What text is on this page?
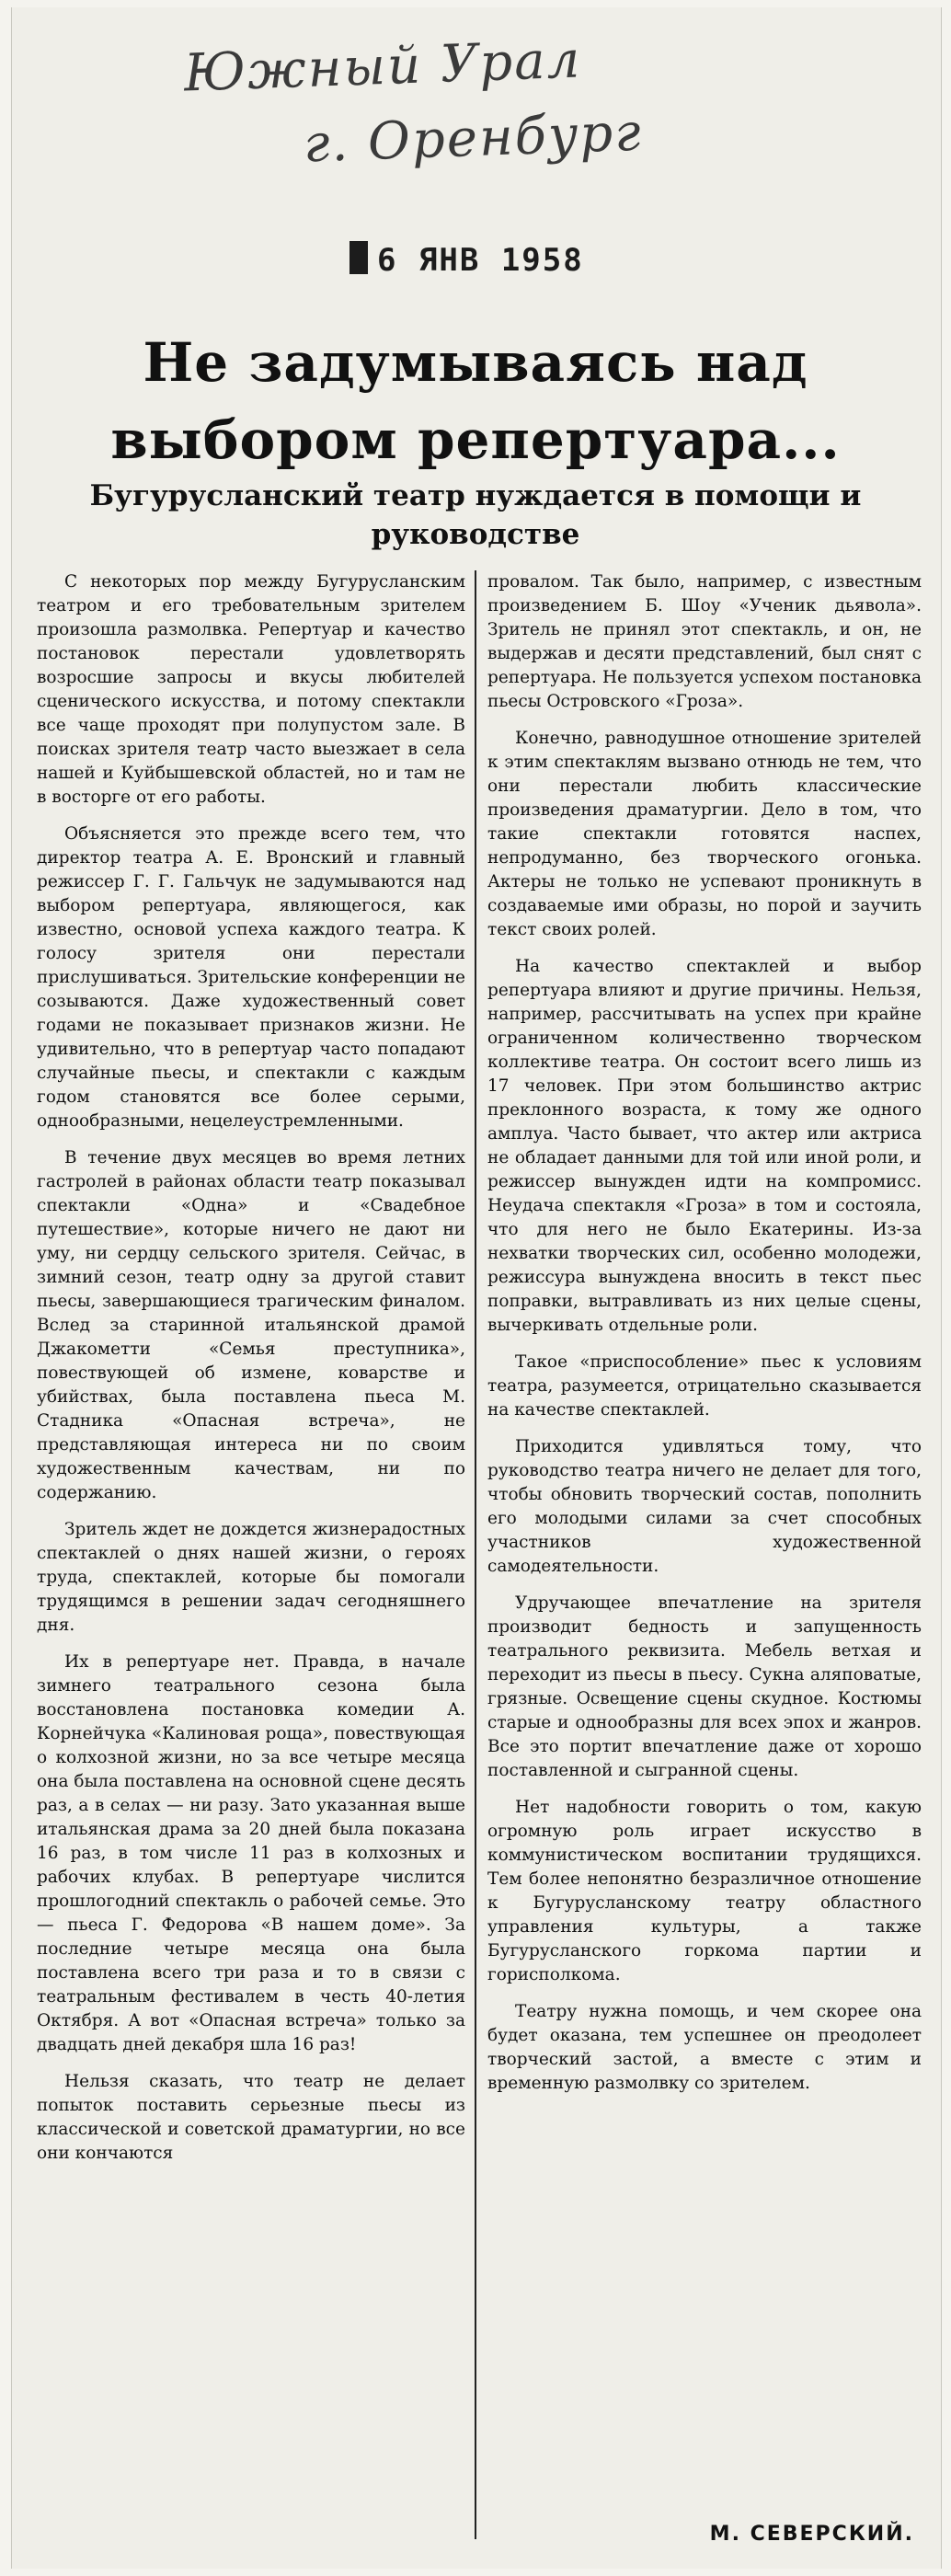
Южный Урал
г. Оренбург
6 ЯНВ 1958
Не задумываясь над выбором репертуара...
Бугурусланский театр нуждается в помощи и руководстве

С некоторых пор между Бугурусланским театром и его требовательным зрителем произошла размолвка. Репертуар и качество постановок перестали удовлетворять возросшие запросы и вкусы любителей сценического искусства, и потому спектакли все чаще проходят при полупустом зале. В поисках зрителя театр часто выезжает в села нашей и Куйбышевской областей, но и там не в восторге от его работы.

Объясняется это прежде всего тем, что директор театра А. Е. Вронский и главный режиссер Г. Г. Гальчук не задумываются над выбором репертуара, являющегося, как известно, основой успеха каждого театра. К голосу зрителя они перестали прислушиваться. Зрительские конференции не созываются. Даже художественный совет годами не показывает признаков жизни. Не удивительно, что в репертуар часто попадают случайные пьесы, и спектакли с каждым годом становятся все более серыми, однообразными, нецелеустремленными.

В течение двух месяцев во время летних гастролей в районах области театр показывал спектакли «Одна» и «Свадебное путешествие», которые ничего не дают ни уму, ни сердцу сельского зрителя. Сейчас, в зимний сезон, театр одну за другой ставит пьесы, завершающиеся трагическим финалом. Вслед за старинной итальянской драмой Джакометти «Семья преступника», повествующей об измене, коварстве и убийствах, была поставлена пьеса М. Стадника «Опасная встреча», не представляющая интереса ни по своим художественным качествам, ни по содержанию.

Зритель ждет не дождется жизнерадостных спектаклей о днях нашей жизни, о героях труда, спектаклей, которые бы помогали трудящимся в решении задач сегодняшнего дня.

Их в репертуаре нет. Правда, в начале зимнего театрального сезона была восстановлена постановка комедии А. Корнейчука «Калиновая роща», повествующая о колхозной жизни, но за все четыре месяца она была поставлена на основной сцене десять раз, а в селах — ни разу. Зато указанная выше итальянская драма за 20 дней была показана 16 раз, в том числе 11 раз в колхозных и рабочих клубах. В репертуаре числится прошлогодний спектакль о рабочей семье. Это — пьеса Г. Федорова «В нашем доме». За последние четыре месяца она была поставлена всего три раза и то в связи с театральным фестивалем в честь 40-летия Октября. А вот «Опасная встреча» только за двадцать дней декабря шла 16 раз!

Нельзя сказать, что театр не делает попыток поставить серьезные пьесы из классической и советской драматургии, но все они кончаются

провалом. Так было, например, с известным произведением Б. Шоу «Ученик дьявола». Зритель не принял этот спектакль, и он, не выдержав и десяти представлений, был снят с репертуара. Не пользуется успехом постановка пьесы Островского «Гроза».

Конечно, равнодушное отношение зрителей к этим спектаклям вызвано отнюдь не тем, что они перестали любить классические произведения драматургии. Дело в том, что такие спектакли готовятся наспех, непродуманно, без творческого огонька. Актеры не только не успевают проникнуть в создаваемые ими образы, но порой и заучить текст своих ролей.

На качество спектаклей и выбор репертуара влияют и другие причины. Нельзя, например, рассчитывать на успех при крайне ограниченном количественно творческом коллективе театра. Он состоит всего лишь из 17 человек. При этом большинство актрис преклонного возраста, к тому же одного амплуа. Часто бывает, что актер или актриса не обладает данными для той или иной роли, и режиссер вынужден идти на компромисс. Неудача спектакля «Гроза» в том и состояла, что для него не было Екатерины. Из-за нехватки творческих сил, особенно молодежи, режиссура вынуждена вносить в текст пьес поправки, вытравливать из них целые сцены, вычеркивать отдельные роли.

Такое «приспособление» пьес к условиям театра, разумеется, отрицательно сказывается на качестве спектаклей.

Приходится удивляться тому, что руководство театра ничего не делает для того, чтобы обновить творческий состав, пополнить его молодыми силами за счет способных участников художественной самодеятельности.

Удручающее впечатление на зрителя производит бедность и запущенность театрального реквизита. Мебель ветхая и переходит из пьесы в пьесу. Сукна аляповатые, грязные. Освещение сцены скудное. Костюмы старые и однообразны для всех эпох и жанров. Все это портит впечатление даже от хорошо поставленной и сыгранной сцены.

Нет надобности говорить о том, какую огромную роль играет искусство в коммунистическом воспитании трудящихся. Тем более непонятно безразличное отношение к Бугурусланскому театру областного управления культуры, а также Бугурусланского горкома партии и горисполкома.

Театру нужна помощь, и чем скорее она будет оказана, тем успешнее он преодолеет творческий застой, а вместе с этим и временную размолвку со зрителем.

М. СЕВЕРСКИЙ.
